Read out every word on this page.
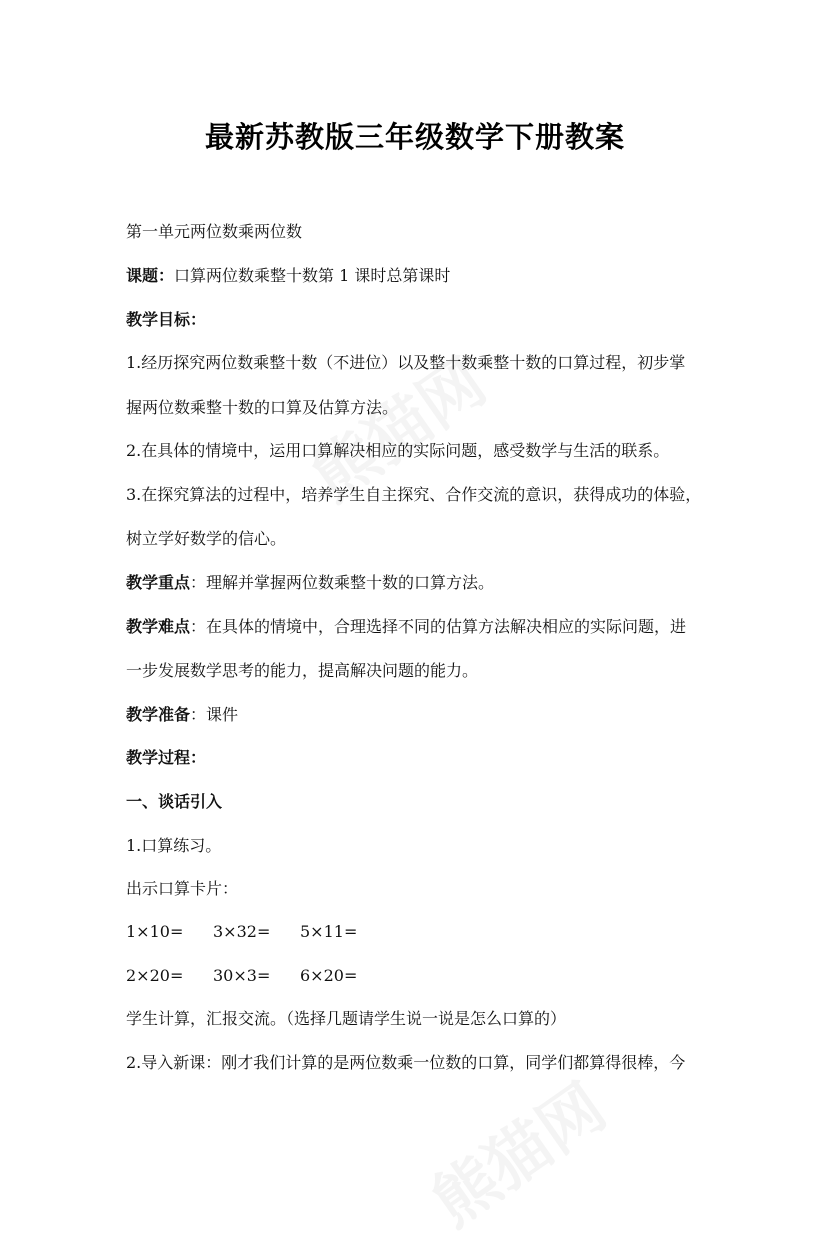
最新苏教版三年级数学下册教案
第一单元两位数乘两位数
课题：口算两位数乘整十数第 1 课时总第课时
教学目标：
1.经历探究两位数乘整十数（不进位）以及整十数乘整十数的口算过程，初步掌
握两位数乘整十数的口算及估算方法。
2.在具体的情境中，运用口算解决相应的实际问题，感受数学与生活的联系。
3.在探究算法的过程中，培养学生自主探究、合作交流的意识，获得成功的体验，
树立学好数学的信心。
教学重点：理解并掌握两位数乘整十数的口算方法。
教学难点：在具体的情境中，合理选择不同的估算方法解决相应的实际问题，进
一步发展数学思考的能力，提高解决问题的能力。
教学准备：课件
教学过程：
一、谈话引入
1.口算练习。
出示口算卡片：
1×10= 3×32= 5×11=
2×20= 30×3= 6×20=
学生计算，汇报交流。（选择几题请学生说一说是怎么口算的）
2.导入新课：刚才我们计算的是两位数乘一位数的口算，同学们都算得很棒，今
